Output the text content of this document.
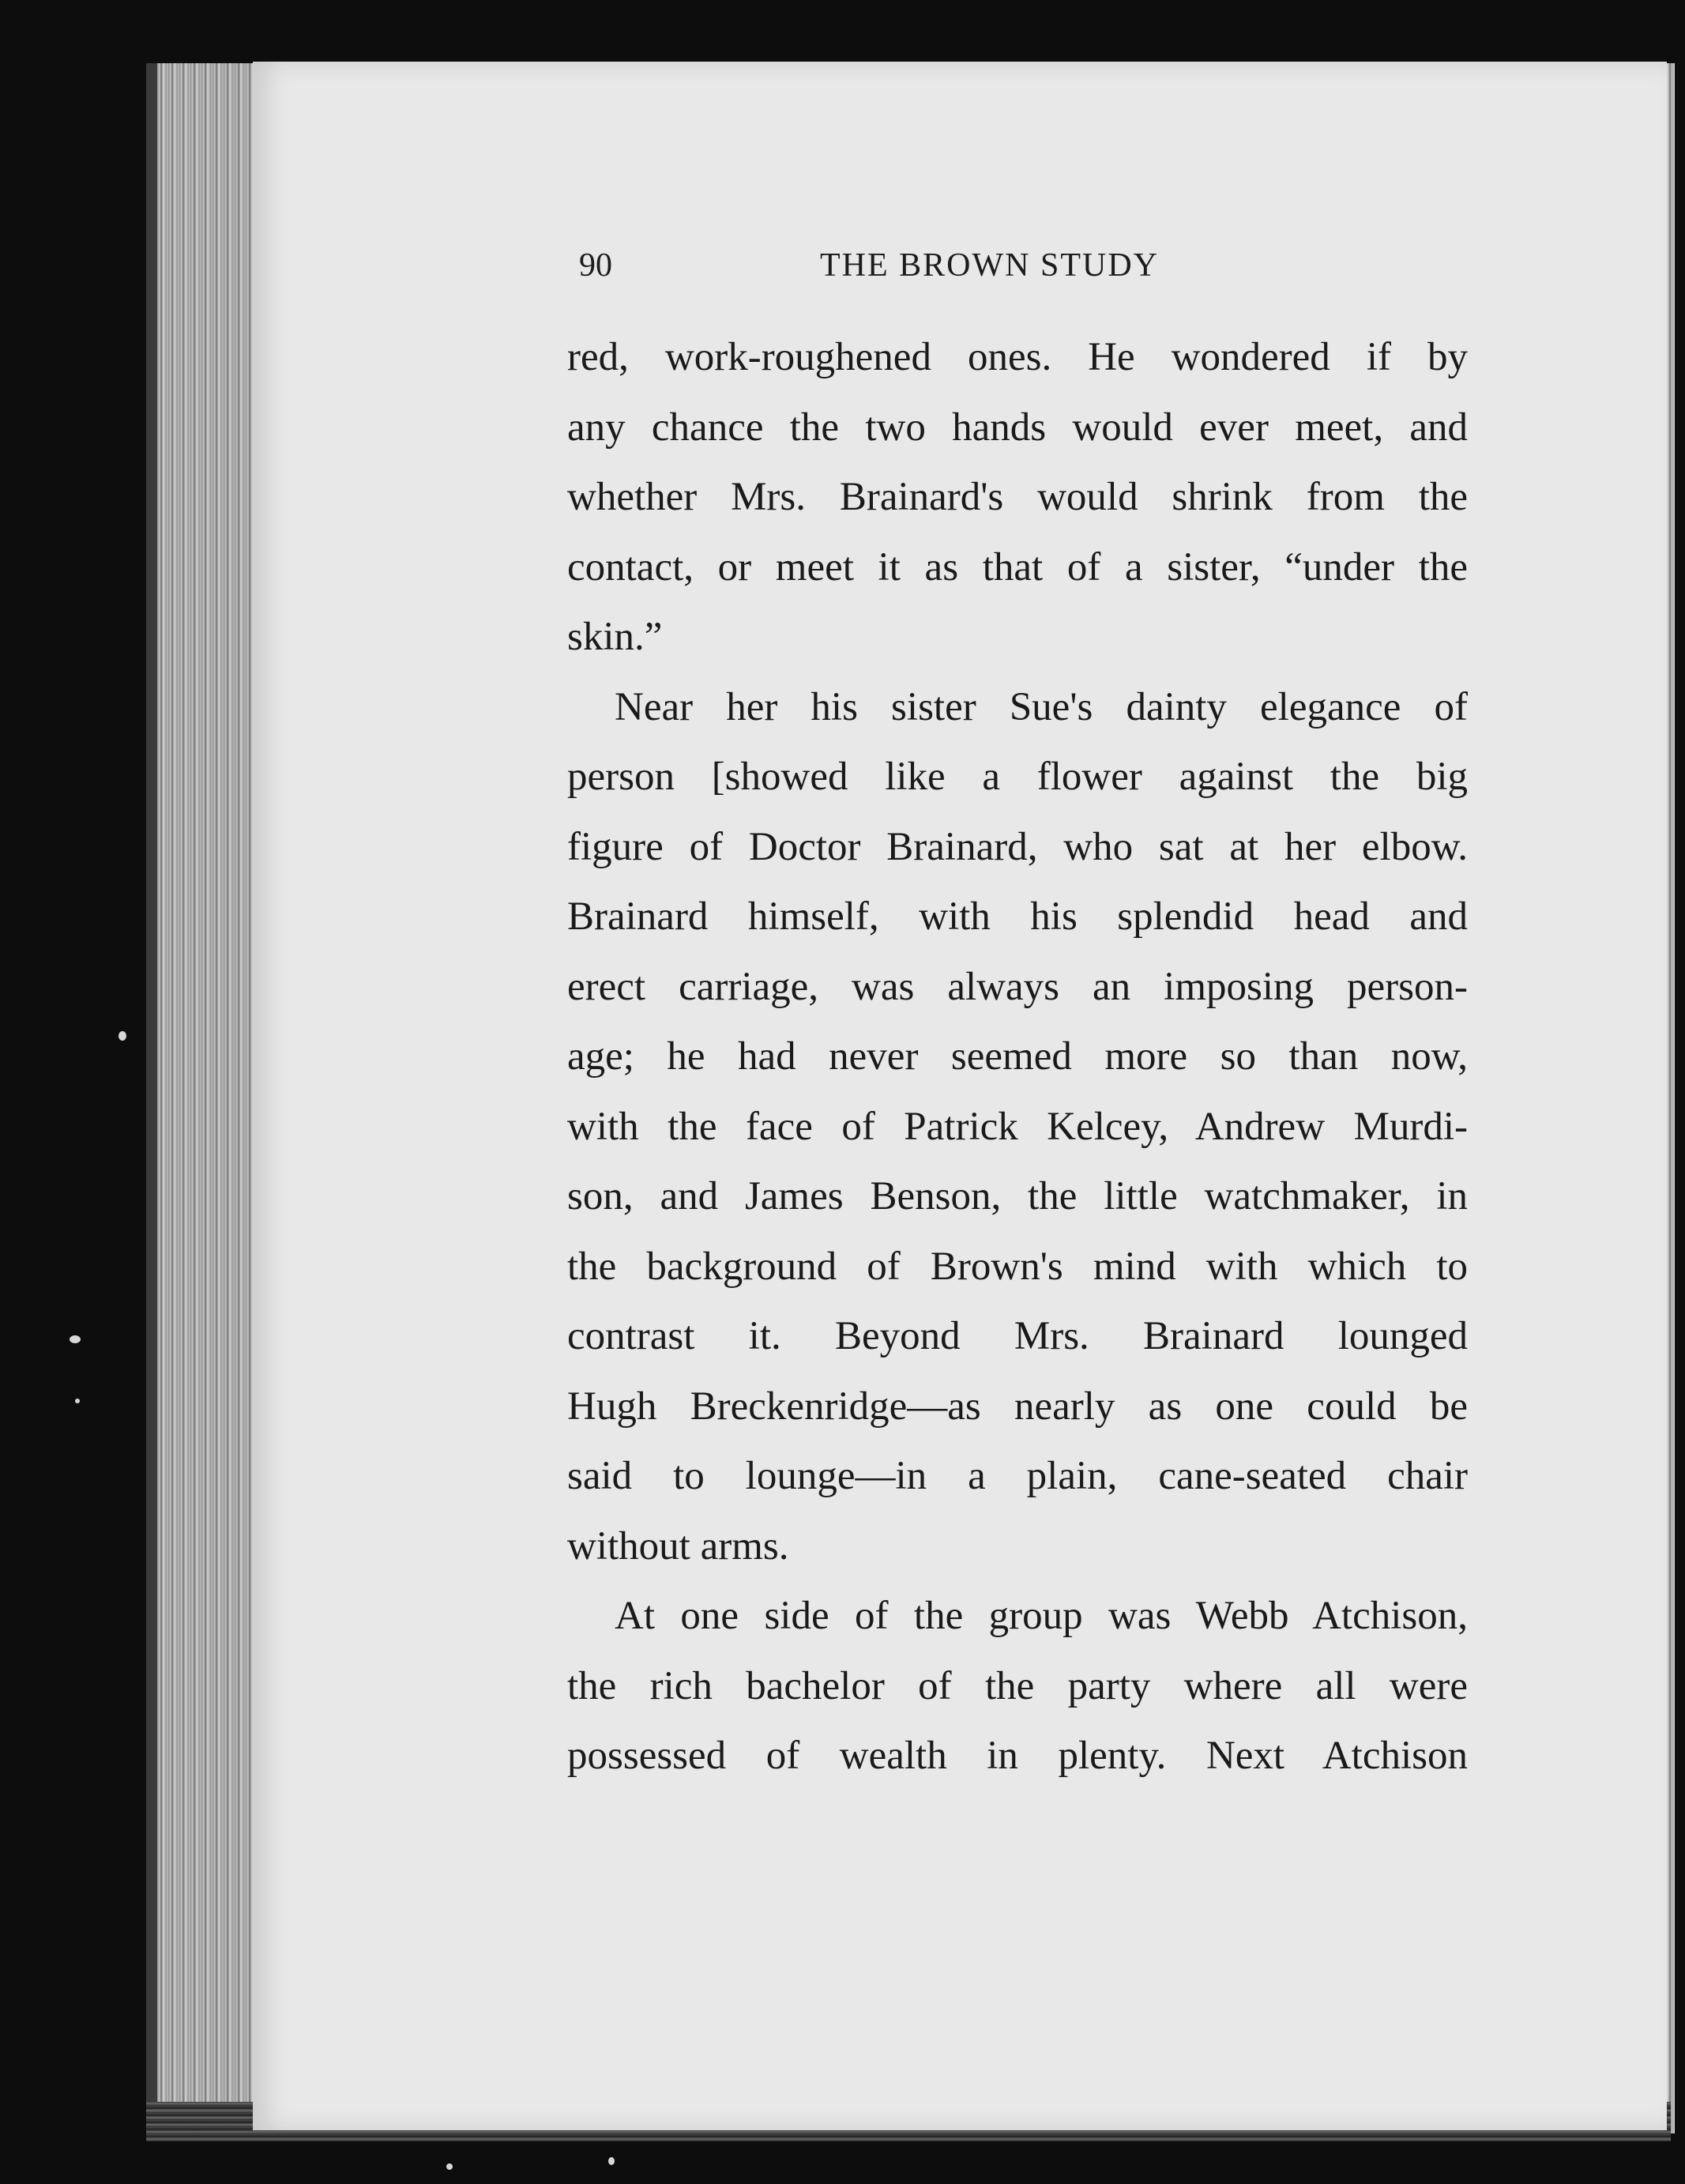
90	THE BROWN STUDY
red, work-roughened ones. He wondered if by
any chance the two hands would ever meet, and
whether Mrs. Brainard's would shrink from the
contact, or meet it as that of a sister, “under the
skin.”
Near her his sister Sue's dainty elegance of
person [showed like a flower against the big
figure of Doctor Brainard, who sat at her elbow.
Brainard himself, with his splendid head and
erect carriage, was always an imposing person-
age; he had never seemed more so than now,
with the face of Patrick Kelcey, Andrew Murdi-
son, and James Benson, the little watchmaker, in
the background of Brown's mind with which to
contrast it. Beyond Mrs. Brainard lounged
Hugh Breckenridge—as nearly as one could be
said to lounge—in a plain, cane-seated chair
without arms.
At one side of the group was Webb Atchison,
the rich bachelor of the party where all were
possessed of wealth in plenty. Next Atchison
